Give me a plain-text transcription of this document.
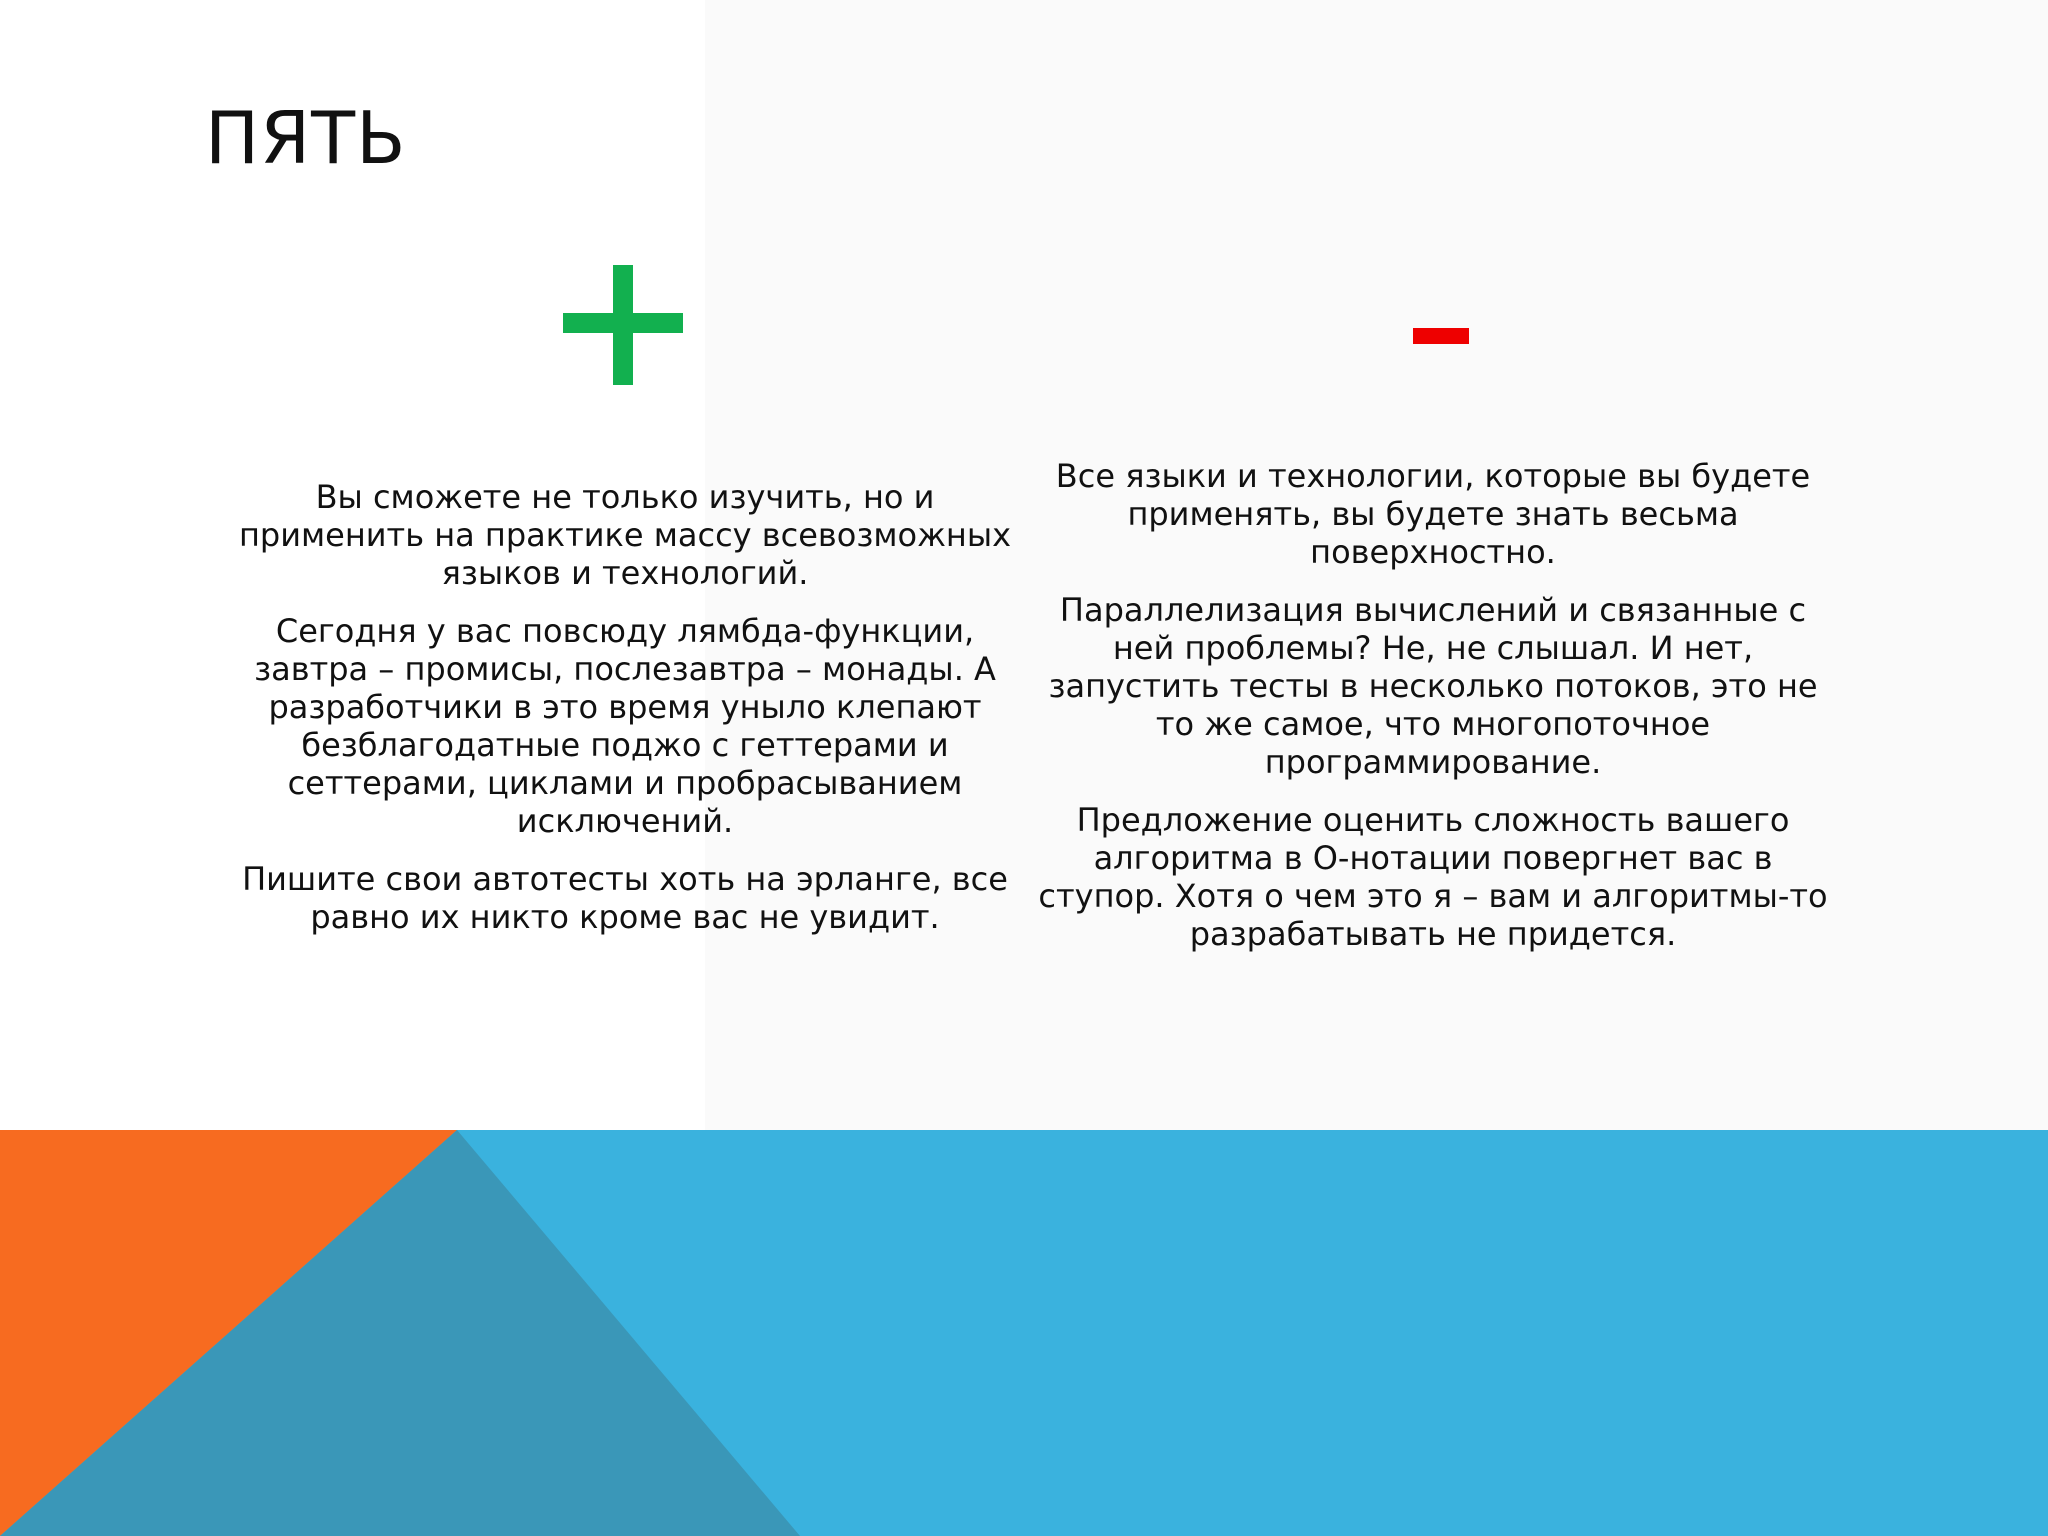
ПЯТЬ

Вы сможете не только изучить, но и применить на практике массу всевозможных языков и технологий.

Сегодня у вас повсюду лямбда-функции, завтра – промисы, послезавтра – монады. А разработчики в это время уныло клепают безблагодатные поджо с геттерами и сеттерами, циклами и пробрасыванием исключений.

Пишите свои автотесты хоть на эрланге, все равно их никто кроме вас не увидит.

Все языки и технологии, которые вы будете применять, вы будете знать весьма поверхностно.

Параллелизация вычислений и связанные с ней проблемы? Не, не слышал. И нет, запустить тесты в несколько потоков, это не то же самое, что многопоточное программирование.

Предложение оценить сложность вашего алгоритма в О-нотации повергнет вас в ступор. Хотя о чем это я – вам и алгоритмы-то разрабатывать не придется.
